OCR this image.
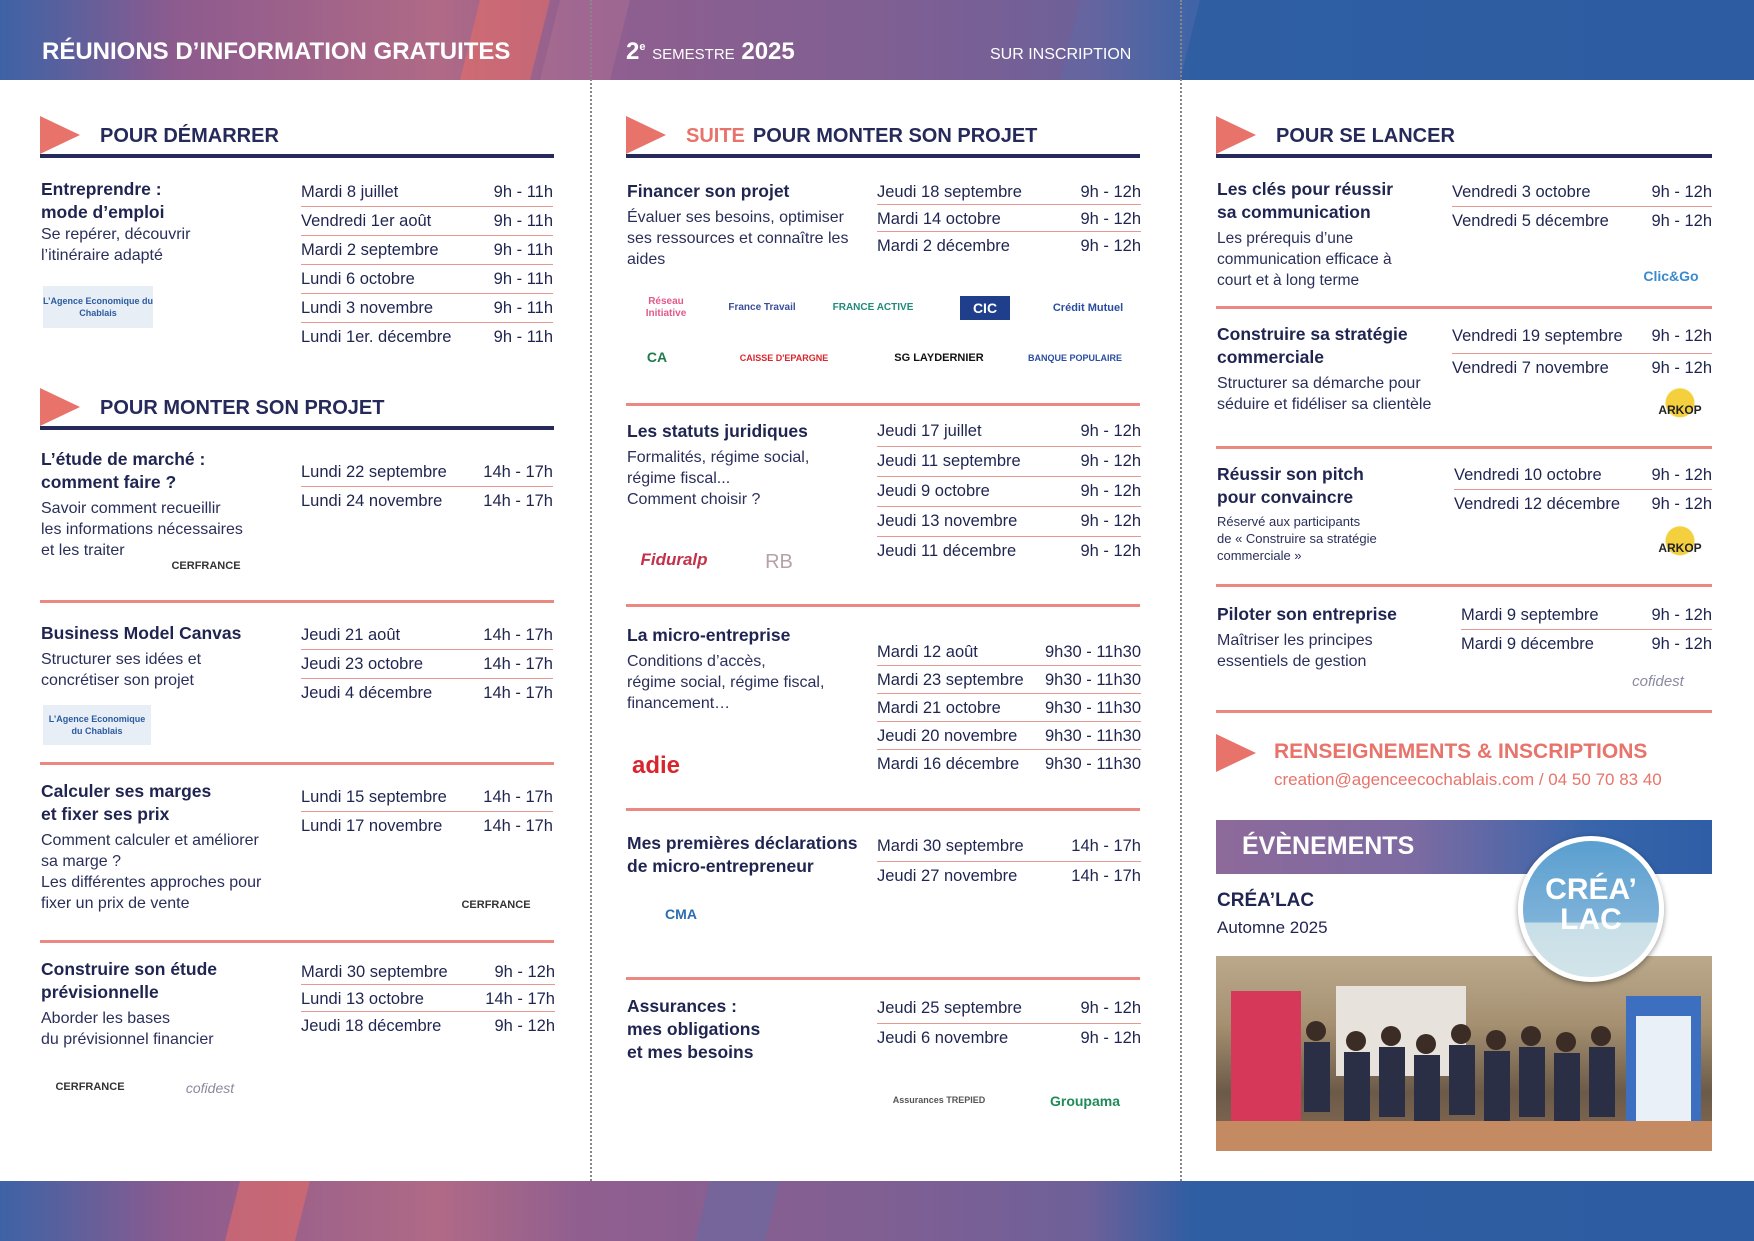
RÉUNIONS D’INFORMATION GRATUITES	2e SEMESTRE 2025	SUR INSCRIPTION
POUR DÉMARRER
Entreprendre :
mode d’emploi
Se repérer, découvrir
l’itinéraire adapté
L’Agence Economique du Chablais
Mardi 8 juillet	9h - 11h
Vendredi 1er août	9h - 11h
Mardi 2 septembre	9h - 11h
Lundi 6 octobre	9h - 11h
Lundi 3 novembre	9h - 11h
Lundi 1er. décembre	9h - 11h
POUR MONTER SON PROJET
L’étude de marché :
comment faire ?
Savoir comment recueillir
les informations nécessaires
et les traiter
CERFRANCE
Lundi 22 septembre 14h - 17h
Lundi 24 novembre 14h - 17h
Business Model Canvas
Structurer ses idées et
concrétiser son projet
L’Agence Economique du Chablais
Jeudi 21 août	14h - 17h
Jeudi 23 octobre	14h - 17h
Jeudi 4 décembre	14h - 17h
Calculer ses marges
et fixer ses prix
Comment calculer et améliorer
sa marge ?
Les différentes approches pour
fixer un prix de vente	CERFRANCE
Lundi 15 septembre 14h - 17h
Lundi 17 novembre 14h - 17h
Construire son étude
prévisionnelle
Aborder les bases
du prévisionnel financier
CERFRANCE	cofidest
Mardi 30 septembre	9h - 12h
Lundi 13 octobre	14h - 17h
Jeudi 18 décembre	9h - 12h
SUITE POUR MONTER SON PROJET
Financer son projet
Évaluer ses besoins, optimiser
ses ressources et connaître les
aides
Jeudi 18 septembre	9h - 12h
Mardi 14 octobre	9h - 12h
Mardi 2 décembre	9h - 12h
Réseau Initiative
France Travail	FRANCE ACTIVE	CIC	Crédit Mutuel
CA	CAISSE D'EPARGNE	SG LAYDERNIER	BANQUE POPULAIRE
Les statuts juridiques
Formalités, régime social,
régime fiscal...
Comment choisir ?
Fiduralp	RB
Jeudi 17 juillet	9h - 12h
Jeudi 11 septembre	9h - 12h
Jeudi 9 octobre	9h - 12h
Jeudi 13 novembre	9h - 12h
Jeudi 11 décembre	9h - 12h
La micro-entreprise
Conditions d’accès,
régime social, régime fiscal,
financement…
adie
Mardi 12 août	9h30 - 11h30
Mardi 23 septembre 9h30 - 11h30
Mardi 21 octobre	9h30 - 11h30
Jeudi 20 novembre 9h30 - 11h30
Mardi 16 décembre 9h30 - 11h30
Mes premières déclarations
de micro-entrepreneur
CMA
Mardi 30 septembre	14h - 17h
Jeudi 27 novembre	14h - 17h
Assurances :
mes obligations
et mes besoins
Jeudi 25 septembre	9h - 12h
Jeudi 6 novembre	9h - 12h
Assurances TREPIED	Groupama
POUR SE LANCER
Les clés pour réussir
sa communication
Les prérequis d’une
communication efficace à
court et à long terme
Vendredi 3 octobre	9h - 12h
Vendredi 5 décembre	9h - 12h
Clic&Go
Construire sa stratégie
commerciale
Structurer sa démarche pour
séduire et fidéliser sa clientèle
Vendredi 19 septembre 9h - 12h
Vendredi 7 novembre	9h - 12h
ARKOP
Réussir son pitch
pour convaincre
Réservé aux participants
de « Construire sa stratégie
commerciale »
Vendredi 10 octobre	9h - 12h
Vendredi 12 décembre 9h - 12h
ARKOP
Piloter son entreprise
Maîtriser les principes
essentiels de gestion
Mardi 9 septembre	9h - 12h
Mardi 9 décembre	9h - 12h
cofidest
RENSEIGNEMENTS & INSCRIPTIONS
creation@agenceecochablais.com / 04 50 70 83 40
ÉVÈNEMENTS
CRÉA’LAC
Automne 2025
CRÉA’
LAC
